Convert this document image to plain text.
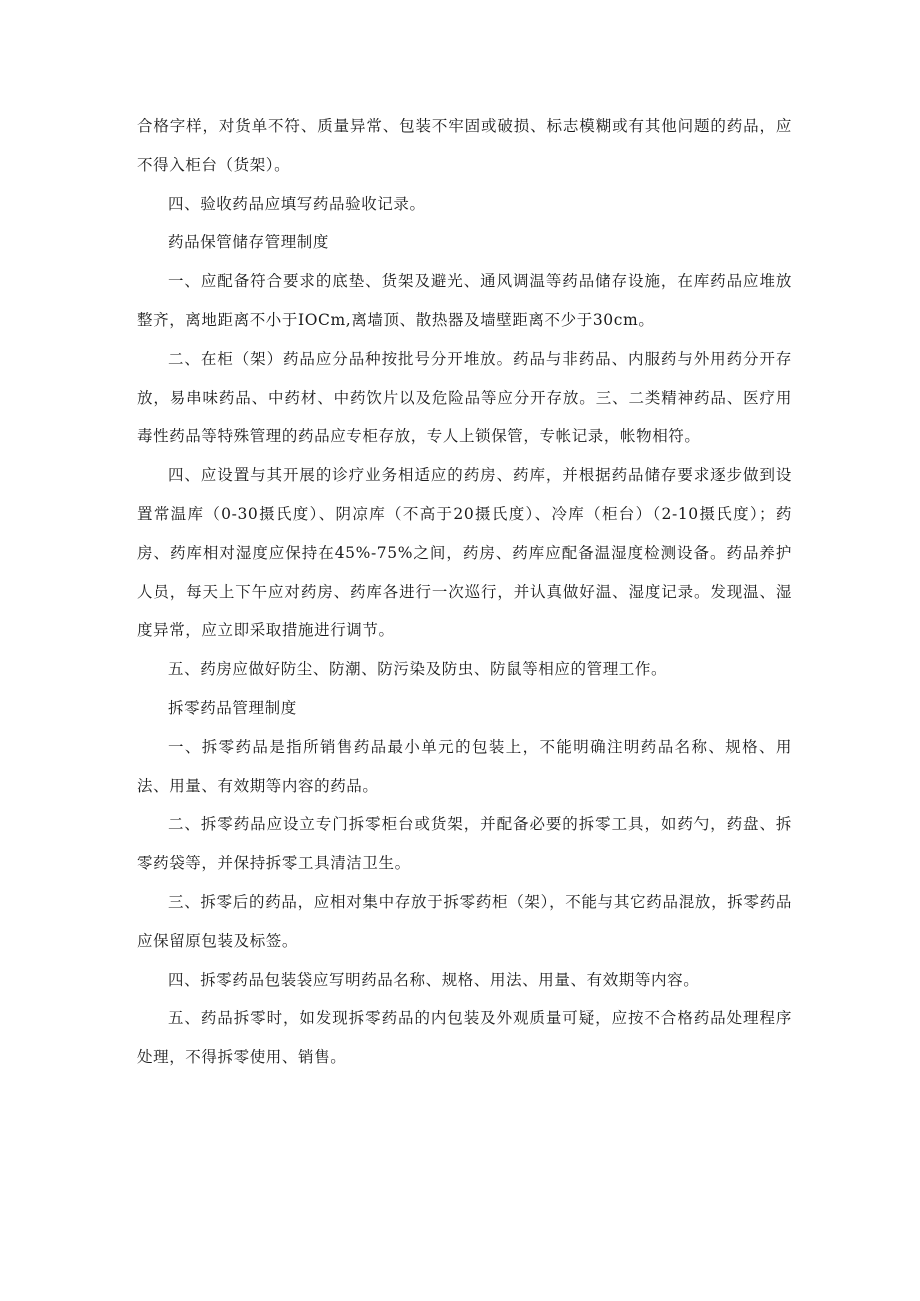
合格字样，对货单不符、质量异常、包装不牢固或破损、标志模糊或有其他问题的药品，应不得入柜台（货架）。

四、验收药品应填写药品验收记录。

药品保管储存管理制度

一、应配备符合要求的底垫、货架及避光、通风调温等药品储存设施，在库药品应堆放整齐，离地距离不小于IOCm,离墙顶、散热器及墙壁距离不少于30cm。

二、在柜（架）药品应分品种按批号分开堆放。药品与非药品、内服药与外用药分开存放，易串味药品、中药材、中药饮片以及危险品等应分开存放。三、二类精神药品、医疗用毒性药品等特殊管理的药品应专柜存放，专人上锁保管，专帐记录，帐物相符。

四、应设置与其开展的诊疗业务相适应的药房、药库，并根据药品储存要求逐步做到设置常温库（0-30摄氏度）、阴凉库（不高于20摄氏度）、冷库（柜台）（2-10摄氏度）；药房、药库相对湿度应保持在45%-75%之间，药房、药库应配备温湿度检测设备。药品养护人员，每天上下午应对药房、药库各进行一次巡行，并认真做好温、湿度记录。发现温、湿度异常，应立即采取措施进行调节。

五、药房应做好防尘、防潮、防污染及防虫、防鼠等相应的管理工作。

拆零药品管理制度

一、拆零药品是指所销售药品最小单元的包装上，不能明确注明药品名称、规格、用法、用量、有效期等内容的药品。

二、拆零药品应设立专门拆零柜台或货架，并配备必要的拆零工具，如药勺，药盘、拆零药袋等，并保持拆零工具清洁卫生。

三、拆零后的药品，应相对集中存放于拆零药柜（架），不能与其它药品混放，拆零药品应保留原包装及标签。

四、拆零药品包装袋应写明药品名称、规格、用法、用量、有效期等内容。

五、药品拆零时，如发现拆零药品的内包装及外观质量可疑，应按不合格药品处理程序处理，不得拆零使用、销售。
